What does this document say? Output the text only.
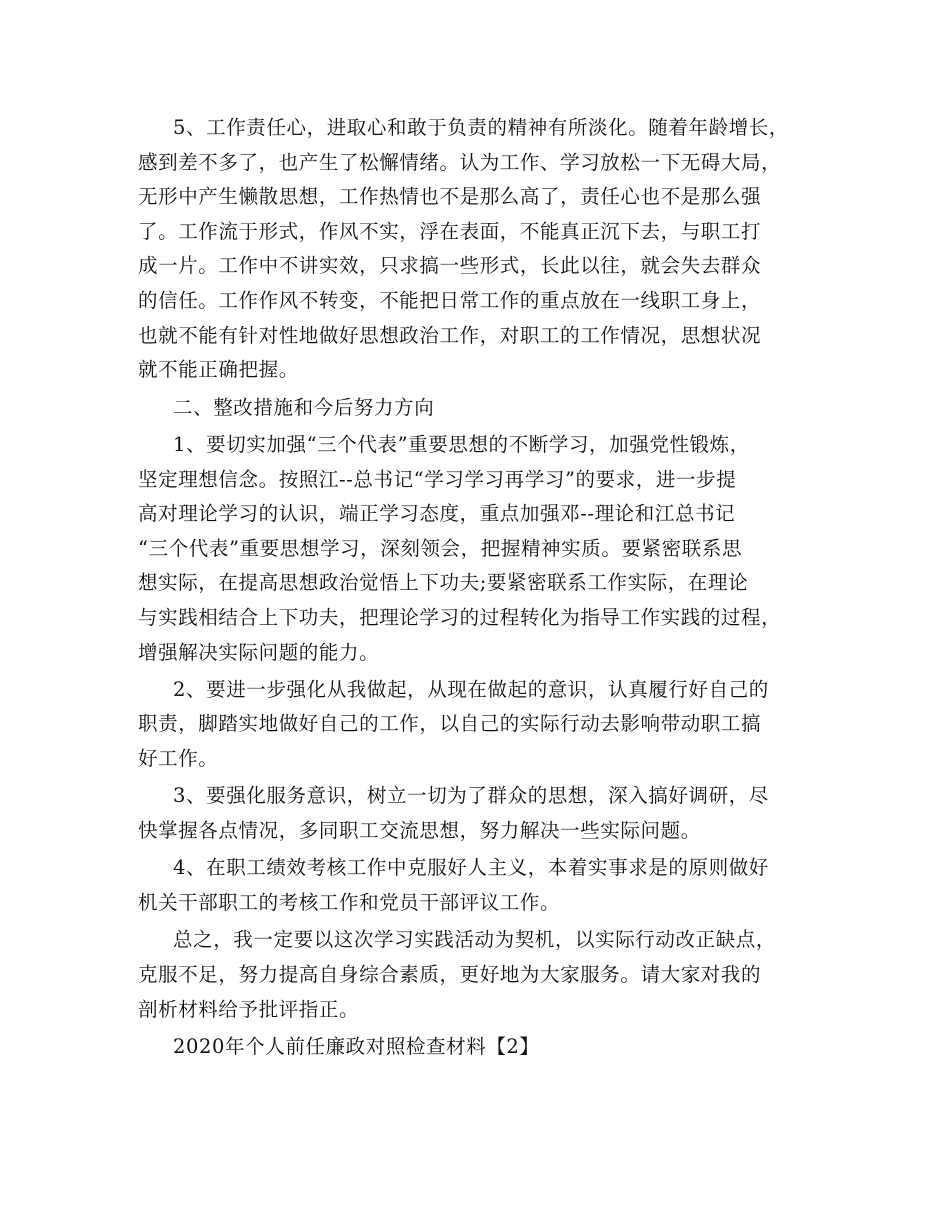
5、工作责任心，进取心和敢于负责的精神有所淡化。随着年龄增长，
感到差不多了，也产生了松懈情绪。认为工作、学习放松一下无碍大局，
无形中产生懒散思想，工作热情也不是那么高了，责任心也不是那么强
了。工作流于形式，作风不实，浮在表面，不能真正沉下去，与职工打
成一片。工作中不讲实效，只求搞一些形式，长此以往，就会失去群众
的信任。工作作风不转变，不能把日常工作的重点放在一线职工身上，
也就不能有针对性地做好思想政治工作，对职工的工作情况，思想状况
就不能正确把握。
二、整改措施和今后努力方向
1、要切实加强“三个代表”重要思想的不断学习，加强党性锻炼，
坚定理想信念。按照江--总书记“学习学习再学习”的要求，进一步提
高对理论学习的认识，端正学习态度，重点加强邓--理论和江总书记
“三个代表”重要思想学习，深刻领会，把握精神实质。要紧密联系思
想实际，在提高思想政治觉悟上下功夫;要紧密联系工作实际，在理论
与实践相结合上下功夫，把理论学习的过程转化为指导工作实践的过程，
增强解决实际问题的能力。
2、要进一步强化从我做起，从现在做起的意识，认真履行好自己的
职责，脚踏实地做好自己的工作，以自己的实际行动去影响带动职工搞
好工作。
3、要强化服务意识，树立一切为了群众的思想，深入搞好调研，尽
快掌握各点情况，多同职工交流思想，努力解决一些实际问题。
4、在职工绩效考核工作中克服好人主义，本着实事求是的原则做好
机关干部职工的考核工作和党员干部评议工作。
总之，我一定要以这次学习实践活动为契机，以实际行动改正缺点，
克服不足，努力提高自身综合素质，更好地为大家服务。请大家对我的
剖析材料给予批评指正。
2020年个人前任廉政对照检查材料【2】
